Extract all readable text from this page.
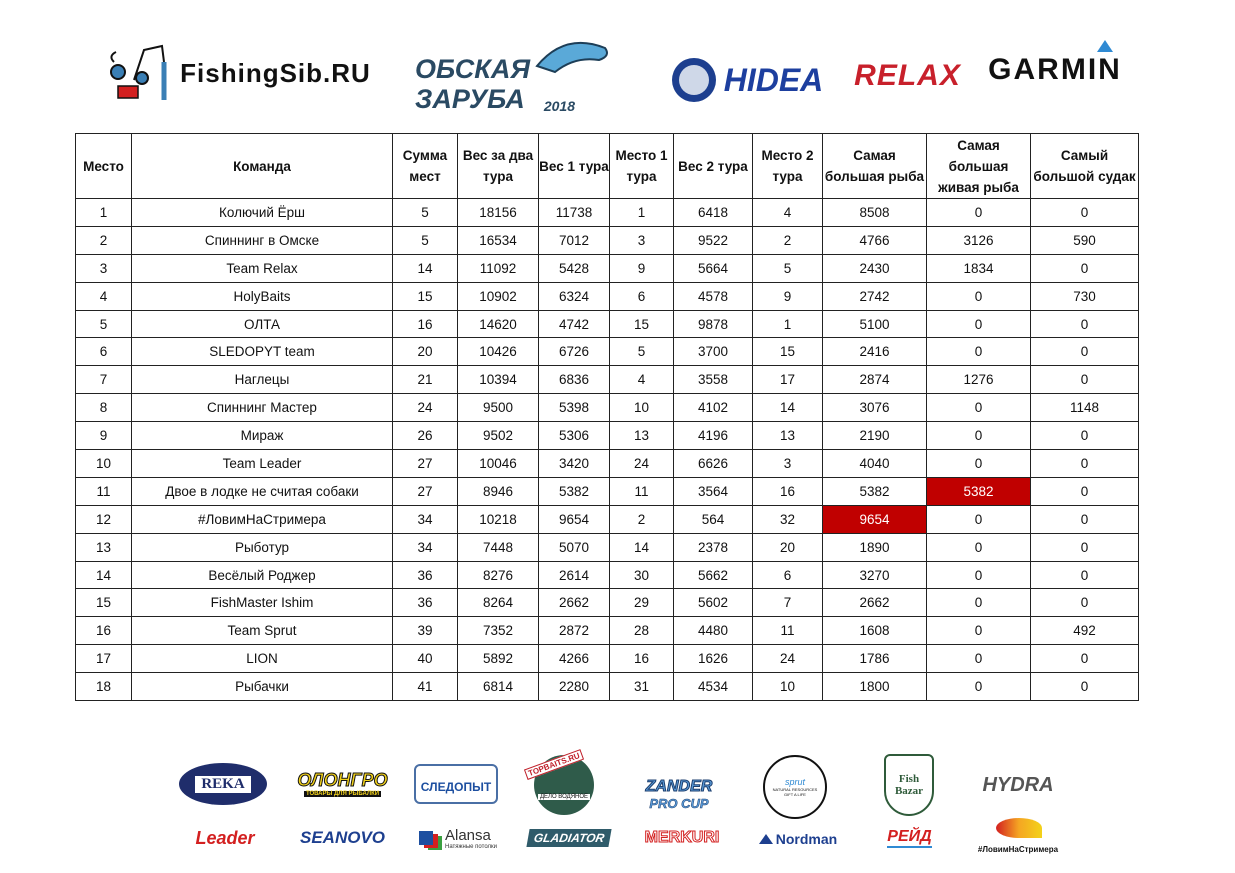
FishingSib.RU ОБСКАЯ ЗАРУБА	2018
HIDEA RELAX GARMIN
Место	Команда	Сумма мест	Вес за два тура	Вес 1 тура	Место 1 тура	Вес 2 тура	Место 2 тура	Самая большая рыба	Самая большая живая рыба	Самый большой судак
1	Колючий Ёрш	5	18156	11738	1	6418	4	8508	0	0
2	Спиннинг в Омске	5	16534	7012	3	9522	2	4766	3126	590
3	Team Relax	14	11092	5428	9	5664	5	2430	1834	0
4	HolyBaits	15	10902	6324	6	4578	9	2742	0	730
5	ОЛТА	16	14620	4742	15	9878	1	5100	0	0
6	SLEDOPYT team	20	10426	6726	5	3700	15	2416	0	0
7	Наглецы	21	10394	6836	4	3558	17	2874	1276	0
8	Спиннинг Мастер	24	9500	5398	10	4102	14	3076	0	1148
9	Мираж	26	9502	5306	13	4196	13	2190	0	0
10	Team Leader	27	10046	3420	24	6626	3	4040	0	0
11	Двое в лодке не считая собаки	27	8946	5382	11	3564	16	5382	5382	0
12	#ЛовимНаСтримера	34	10218	9654	2	564	32	9654	0	0
13	Рыботур	34	7448	5070	14	2378	20	1890	0	0
14	Весёлый Роджер	36	8276	2614	30	5662	6	3270	0	0
15	FishMaster Ishim	36	8264	2662	29	5602	7	2662	0	0
16	Team Sprut	39	7352	2872	28	4480	11	1608	0	492
17	LION	40	5892	4266	16	1626	24	1786	0	0
18	Рыбачки	41	6814	2280	31	4534	10	1800	0	0
REKA	ОЛОНГРО
ТОВАРЫ ДЛЯ РЫБАЛКИ	СЛЕДОПЫТ
TOPBAITS.RU
ДЕЛО ВОДЯНОЕ
ZANDER
PRO CUP
sprut
NATURAL RESOURCES GIFT A LIFE
Fish Bazar	HYDRA
Leader	SEANOVO	Alansa
Натяжные потолки
GLADIATOR	MERKURI	Nordman	РЕЙД
#ЛовимНаСтримера
